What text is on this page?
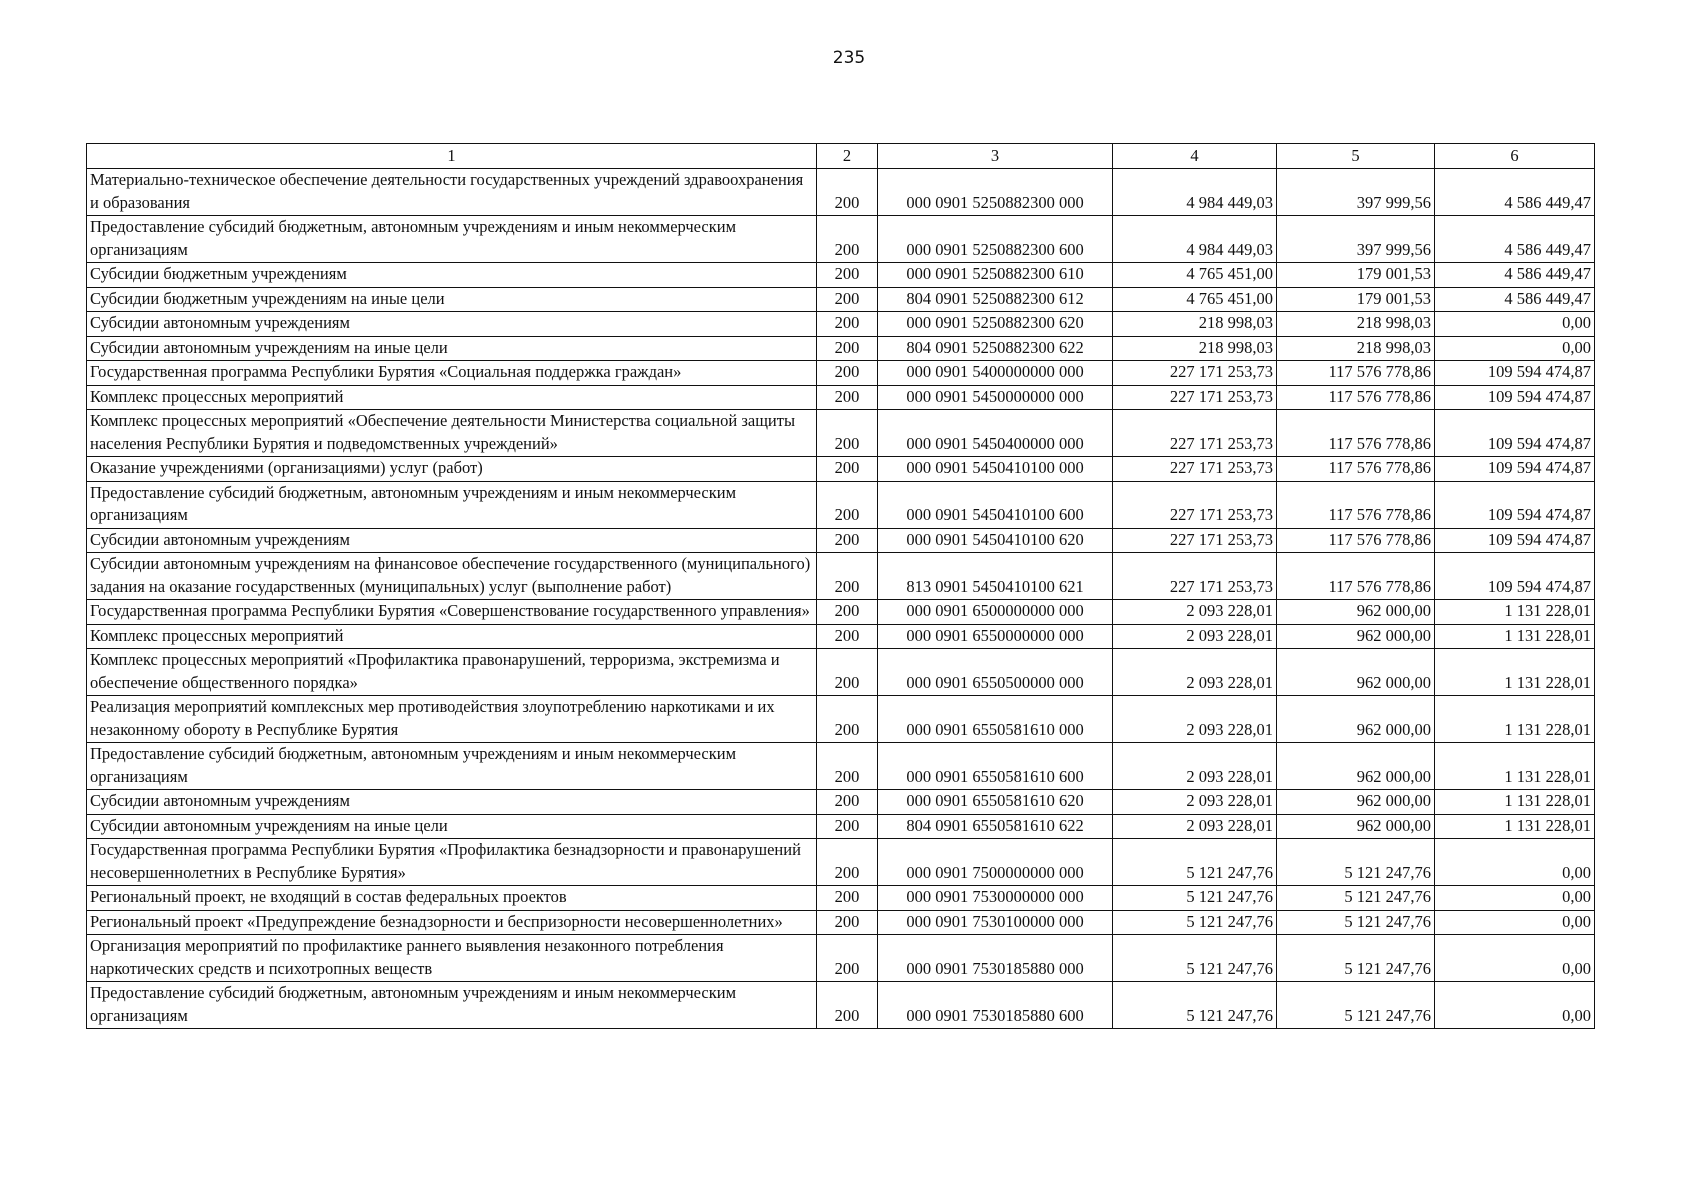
235
1	2	3	4	5	6
Материально-техническое обеспечение деятельности государственных учреждений здравоохранения и образования	200	000 0901 5250882300 000	4 984 449,03	397 999,56	4 586 449,47
Предоставление субсидий бюджетным, автономным учреждениям и иным некоммерческим организациям	200	000 0901 5250882300 600	4 984 449,03	397 999,56	4 586 449,47
Субсидии бюджетным учреждениям	200	000 0901 5250882300 610	4 765 451,00	179 001,53	4 586 449,47
Субсидии бюджетным учреждениям на иные цели	200	804 0901 5250882300 612	4 765 451,00	179 001,53	4 586 449,47
Субсидии автономным учреждениям	200	000 0901 5250882300 620	218 998,03	218 998,03	0,00
Субсидии автономным учреждениям на иные цели	200	804 0901 5250882300 622	218 998,03	218 998,03	0,00
Государственная программа Республики Бурятия «Социальная поддержка граждан»	200	000 0901 5400000000 000	227 171 253,73	117 576 778,86	109 594 474,87
Комплекс процессных мероприятий	200	000 0901 5450000000 000	227 171 253,73	117 576 778,86	109 594 474,87
Комплекс процессных мероприятий «Обеспечение деятельности Министерства социальной защиты населения Республики Бурятия и подведомственных учреждений»	200	000 0901 5450400000 000	227 171 253,73	117 576 778,86	109 594 474,87
Оказание учреждениями (организациями) услуг (работ)	200	000 0901 5450410100 000	227 171 253,73	117 576 778,86	109 594 474,87
Предоставление субсидий бюджетным, автономным учреждениям и иным некоммерческим организациям	200	000 0901 5450410100 600	227 171 253,73	117 576 778,86	109 594 474,87
Субсидии автономным учреждениям	200	000 0901 5450410100 620	227 171 253,73	117 576 778,86	109 594 474,87
Субсидии автономным учреждениям на финансовое обеспечение государственного (муниципального) задания на оказание государственных (муниципальных) услуг (выполнение работ)	200	813 0901 5450410100 621	227 171 253,73	117 576 778,86	109 594 474,87
Государственная программа Республики Бурятия «Совершенствование государственного управления»	200	000 0901 6500000000 000	2 093 228,01	962 000,00	1 131 228,01
Комплекс процессных мероприятий	200	000 0901 6550000000 000	2 093 228,01	962 000,00	1 131 228,01
Комплекс процессных мероприятий «Профилактика правонарушений, терроризма, экстремизма и обеспечение общественного порядка»	200	000 0901 6550500000 000	2 093 228,01	962 000,00	1 131 228,01
Реализация мероприятий комплексных мер противодействия злоупотреблению наркотиками и их незаконному обороту в Республике Бурятия	200	000 0901 6550581610 000	2 093 228,01	962 000,00	1 131 228,01
Предоставление субсидий бюджетным, автономным учреждениям и иным некоммерческим организациям	200	000 0901 6550581610 600	2 093 228,01	962 000,00	1 131 228,01
Субсидии автономным учреждениям	200	000 0901 6550581610 620	2 093 228,01	962 000,00	1 131 228,01
Субсидии автономным учреждениям на иные цели	200	804 0901 6550581610 622	2 093 228,01	962 000,00	1 131 228,01
Государственная программа Республики Бурятия «Профилактика безнадзорности и правонарушений несовершеннолетних в Республике Бурятия»	200	000 0901 7500000000 000	5 121 247,76	5 121 247,76	0,00
Региональный проект, не входящий в состав федеральных проектов	200	000 0901 7530000000 000	5 121 247,76	5 121 247,76	0,00
Региональный проект «Предупреждение безнадзорности и беспризорности несовершеннолетних»	200	000 0901 7530100000 000	5 121 247,76	5 121 247,76	0,00
Организация мероприятий по профилактике раннего выявления незаконного потребления наркотических средств и психотропных веществ	200	000 0901 7530185880 000	5 121 247,76	5 121 247,76	0,00
Предоставление субсидий бюджетным, автономным учреждениям и иным некоммерческим организациям	200	000 0901 7530185880 600	5 121 247,76	5 121 247,76	0,00
